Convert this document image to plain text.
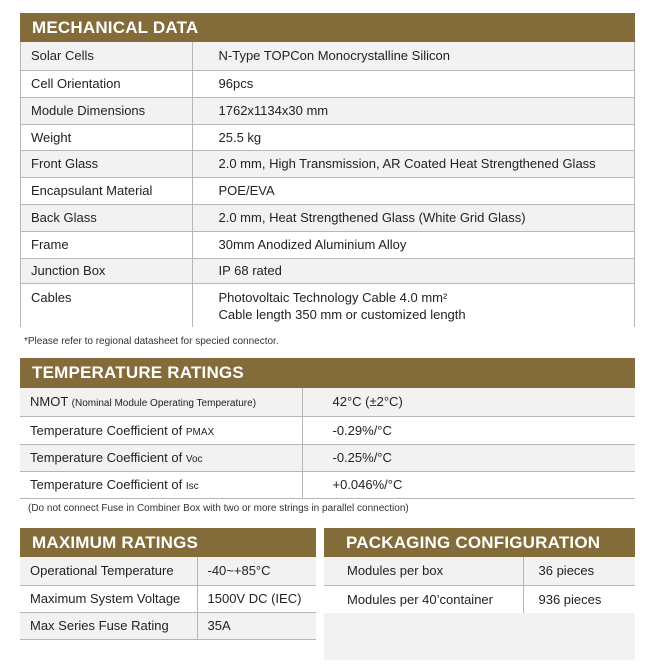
MECHANICAL DATA
Solar Cells	N-Type TOPCon Monocrystalline Silicon
Cell Orientation	96pcs
Module Dimensions	1762x1134x30 mm
Weight	25.5 kg
Front Glass	2.0 mm, High Transmission, AR Coated Heat Strengthened Glass
Encapsulant Material	POE/EVA
Back Glass	2.0 mm, Heat Strengthened Glass (White Grid Glass)
Frame	30mm Anodized Aluminium Alloy
Junction Box	IP 68 rated
Cables	Photovoltaic Technology Cable 4.0 mm²
Cable length 350 mm or customized length
*Please refer to regional datasheet for specied connector.
TEMPERATURE RATINGS
NMOT (Nominal Module Operating Temperature)	42°C (±2°C)
Temperature Coefficient of PMAX	-0.29%/°C
Temperature Coefficient of Voc	-0.25%/°C
Temperature Coefficient of Isc	+0.046%/°C
(Do not connect Fuse in Combiner Box with two or more strings in parallel connection)
MAXIMUM RATINGS
Operational Temperature	-40~+85°C
Maximum System Voltage	1500V DC (IEC)
Max Series Fuse Rating	35A
PACKAGING CONFIGURATION
Modules per box	36 pieces
Modules per 40’container	936 pieces
